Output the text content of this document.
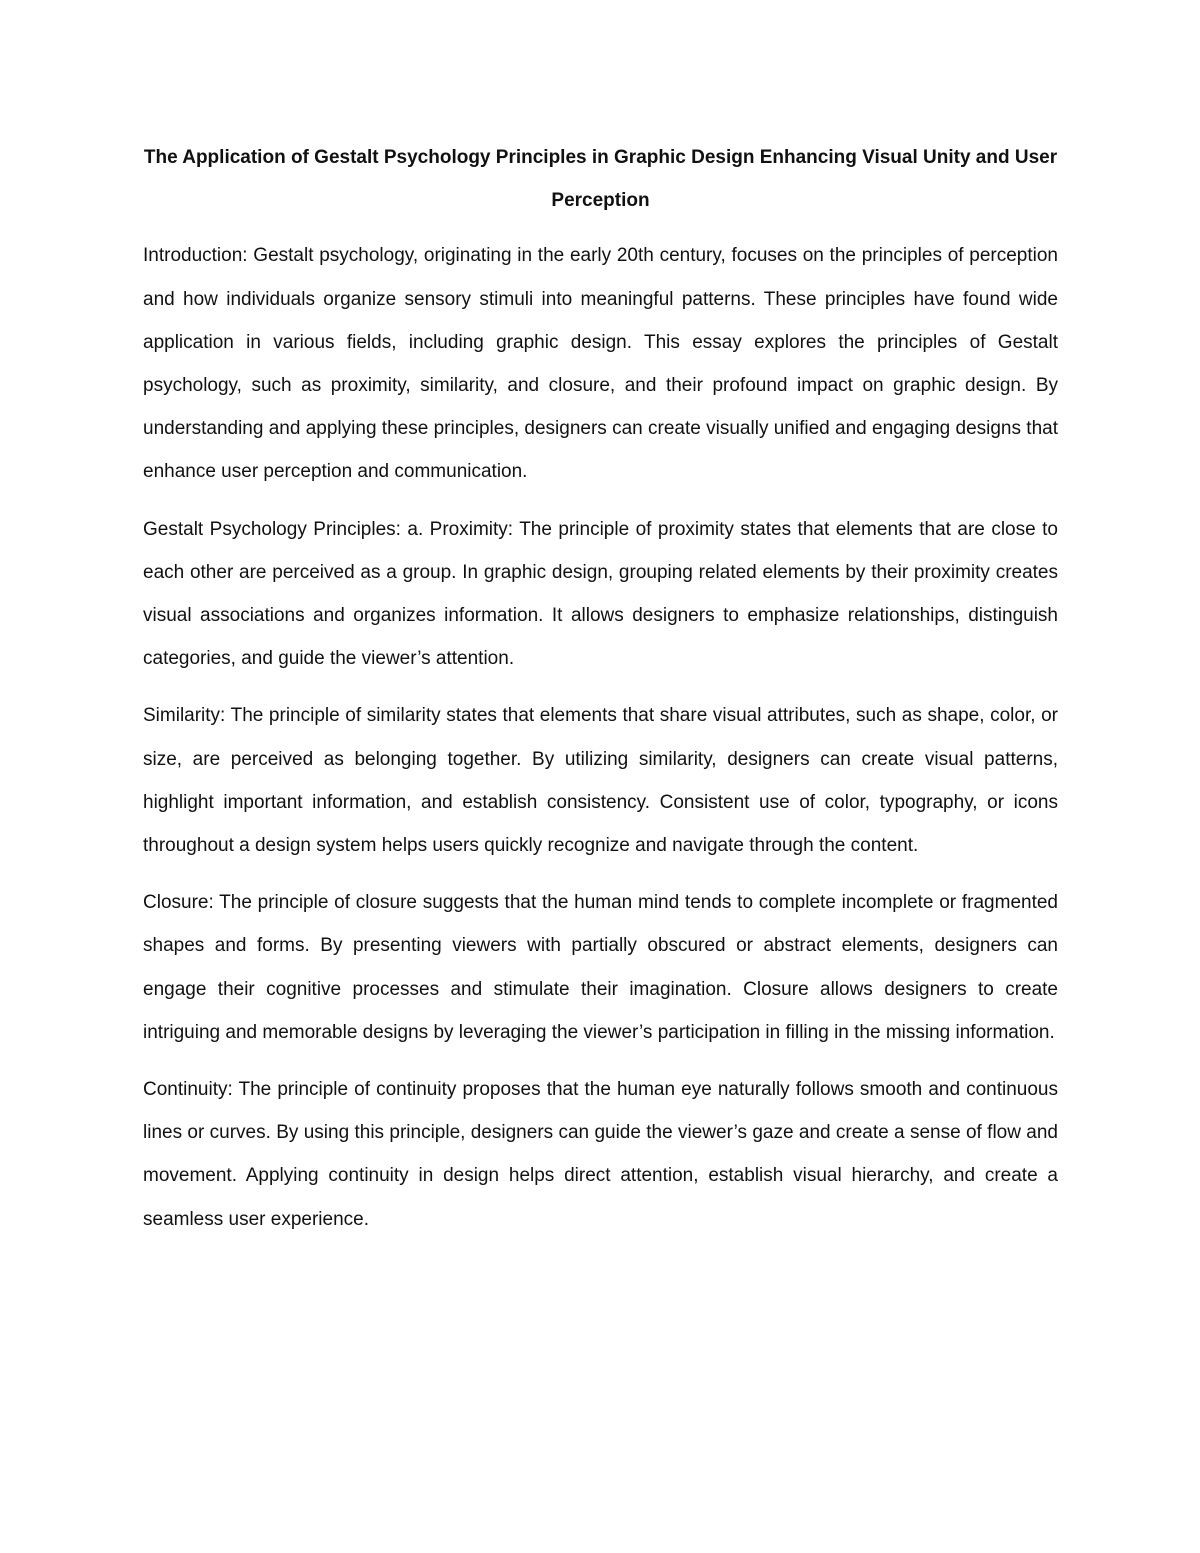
The Application of Gestalt Psychology Principles in Graphic Design Enhancing Visual Unity and User Perception

Introduction: Gestalt psychology, originating in the early 20th century, focuses on the principles of perception and how individuals organize sensory stimuli into meaningful patterns. These principles have found wide application in various fields, including graphic design. This essay explores the principles of Gestalt psychology, such as proximity, similarity, and closure, and their profound impact on graphic design. By understanding and applying these principles, designers can create visually unified and engaging designs that enhance user perception and communication.

Gestalt Psychology Principles: a. Proximity: The principle of proximity states that elements that are close to each other are perceived as a group. In graphic design, grouping related elements by their proximity creates visual associations and organizes information. It allows designers to emphasize relationships, distinguish categories, and guide the viewer’s attention.

Similarity: The principle of similarity states that elements that share visual attributes, such as shape, color, or size, are perceived as belonging together. By utilizing similarity, designers can create visual patterns, highlight important information, and establish consistency. Consistent use of color, typography, or icons throughout a design system helps users quickly recognize and navigate through the content.

Closure: The principle of closure suggests that the human mind tends to complete incomplete or fragmented shapes and forms. By presenting viewers with partially obscured or abstract elements, designers can engage their cognitive processes and stimulate their imagination. Closure allows designers to create intriguing and memorable designs by leveraging the viewer’s participation in filling in the missing information.

Continuity: The principle of continuity proposes that the human eye naturally follows smooth and continuous lines or curves. By using this principle, designers can guide the viewer’s gaze and create a sense of flow and movement. Applying continuity in design helps direct attention, establish visual hierarchy, and create a seamless user experience.
